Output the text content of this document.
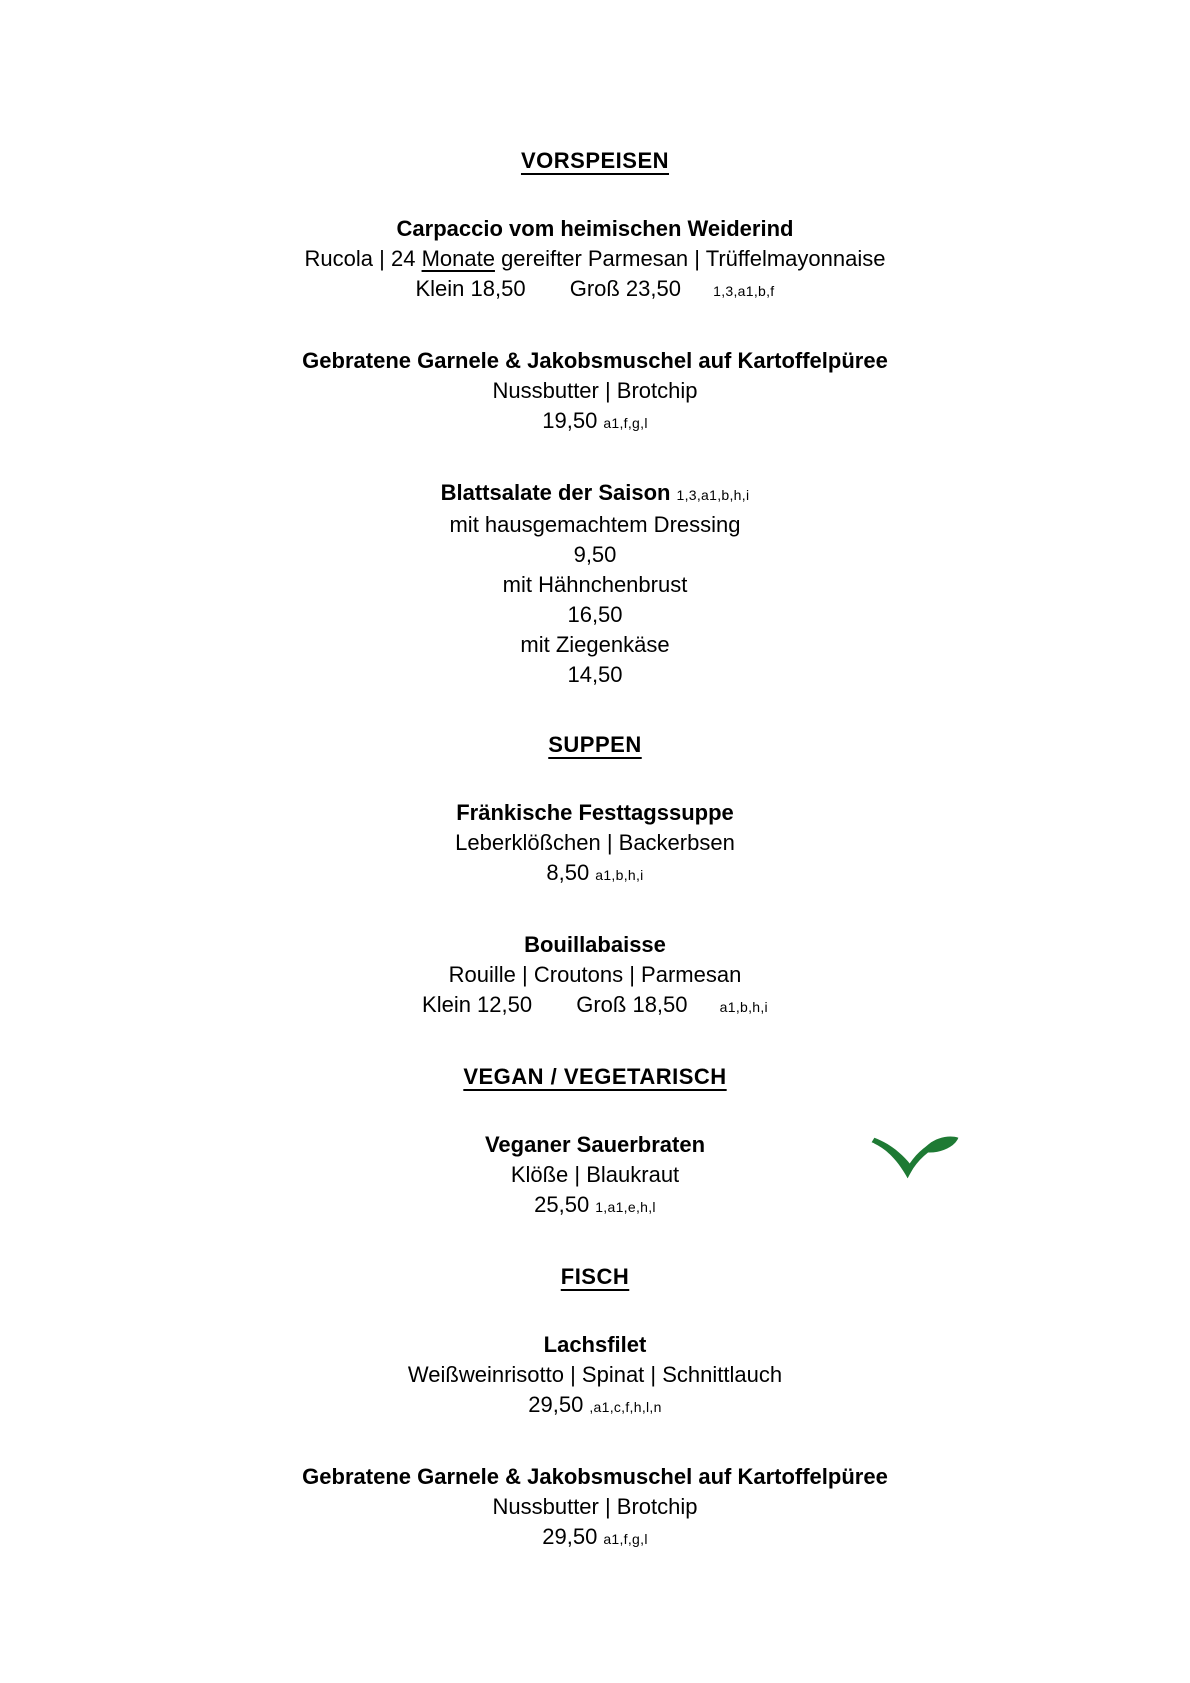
VORSPEISEN
Carpaccio vom heimischen Weiderind
Rucola | 24 Monate gereifter Parmesan | Trüffelmayonnaise
Klein 18,50 Groß 23,50 1,3,a1,b,f
Gebratene Garnele & Jakobsmuschel auf Kartoffelpüree
Nussbutter | Brotchip
19,50 a1,f,g,l
Blattsalate der Saison 1,3,a1,b,h,i
mit hausgemachtem Dressing
9,50
mit Hähnchenbrust
16,50
mit Ziegenkäse
14,50
SUPPEN
Fränkische Festtagssuppe
Leberklößchen | Backerbsen
8,50 a1,b,h,i
Bouillabaisse
Rouille | Croutons | Parmesan
Klein 12,50 Groß 18,50 a1,b,h,i
VEGAN / VEGETARISCH
Veganer Sauerbraten
Klöße | Blaukraut
25,50 1,a1,e,h,l
FISCH
Lachsfilet
Weißweinrisotto | Spinat | Schnittlauch
29,50 ,a1,c,f,h,l,n
Gebratene Garnele & Jakobsmuschel auf Kartoffelpüree
Nussbutter | Brotchip
29,50 a1,f,g,l
